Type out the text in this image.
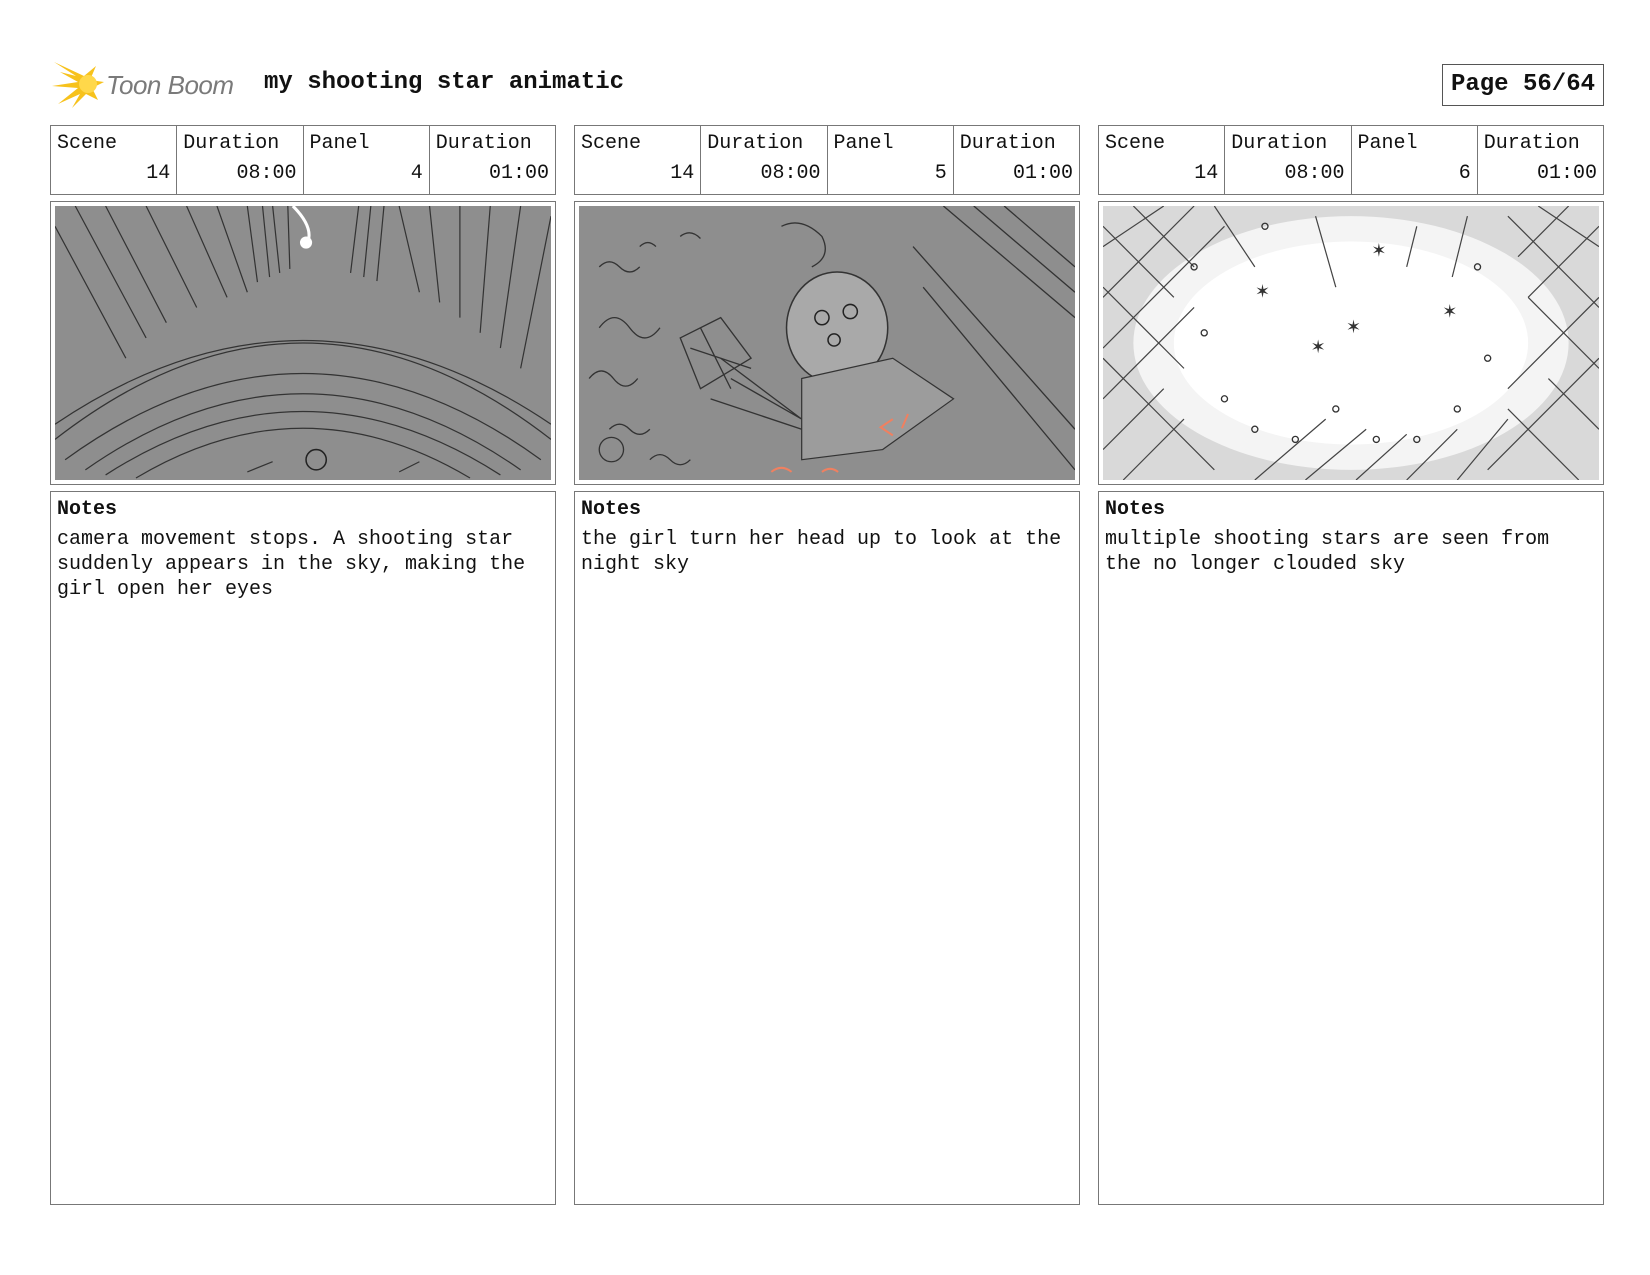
Toon Boom my shooting star animatic	Page 56/64
Scene
14
Duration
08:00
Panel
4
Duration
01:00
Notes
camera movement stops. A shooting star suddenly appears in the sky, making the girl open her eyes
Scene
14
Duration
08:00
Panel
5
Duration
01:00
Notes
the girl turn her head up to look at the night sky
Scene
14
Duration
08:00
Panel
6
Duration
01:00
✶
✶
✶
✶
✶
Notes
multiple shooting stars are seen from the no longer clouded sky
